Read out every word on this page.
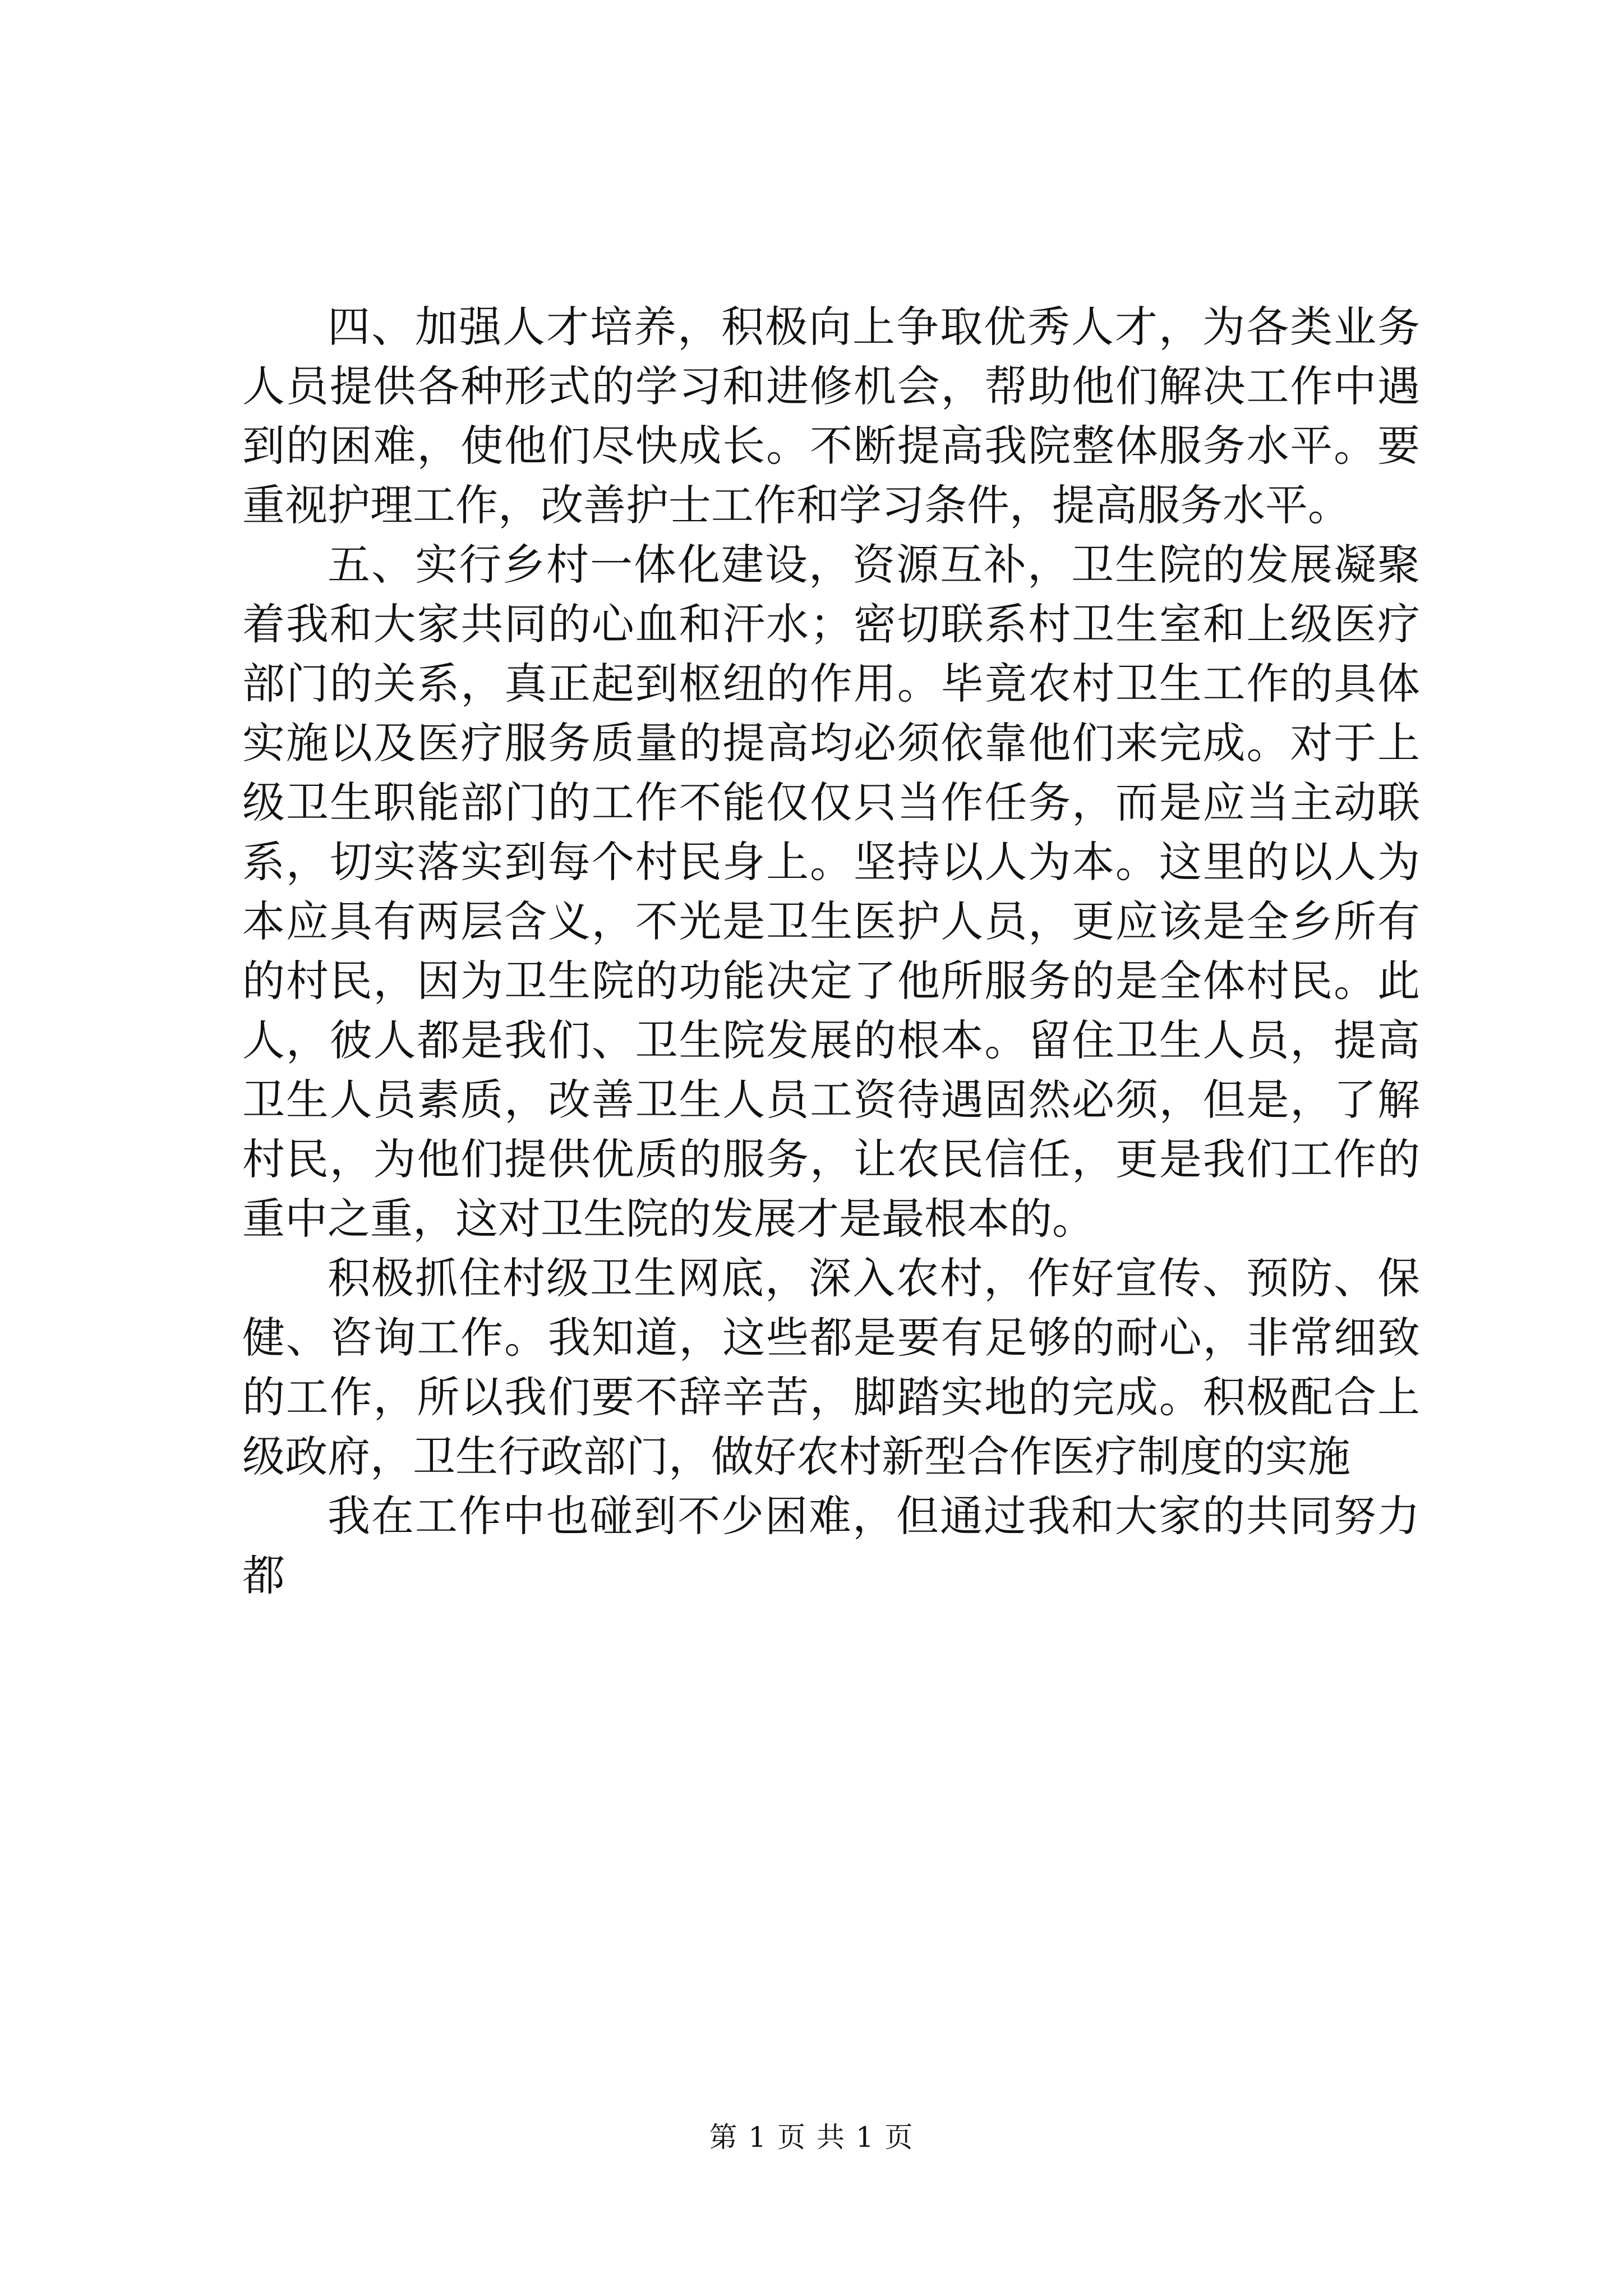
四、加强人才培养，积极向上争取优秀人才，为各类业务人员提供各种形式的学习和进修机会，帮助他们解决工作中遇到的困难，使他们尽快成长。不断提高我院整体服务水平。要重视护理工作，改善护士工作和学习条件，提高服务水平。

五、实行乡村一体化建设，资源互补，卫生院的发展凝聚着我和大家共同的心血和汗水；密切联系村卫生室和上级医疗部门的关系，真正起到枢纽的作用。毕竟农村卫生工作的具体实施以及医疗服务质量的提高均必须依靠他们来完成。对于上级卫生职能部门的工作不能仅仅只当作任务，而是应当主动联系，切实落实到每个村民身上。坚持以人为本。这里的以人为本应具有两层含义，不光是卫生医护人员，更应该是全乡所有的村民，因为卫生院的功能决定了他所服务的是全体村民。此人，彼人都是我们、卫生院发展的根本。留住卫生人员，提高卫生人员素质，改善卫生人员工资待遇固然必须，但是，了解村民，为他们提供优质的服务，让农民信任，更是我们工作的重中之重，这对卫生院的发展才是最根本的。

积极抓住村级卫生网底，深入农村，作好宣传、预防、保健、咨询工作。我知道，这些都是要有足够的耐心，非常细致的工作，所以我们要不辞辛苦，脚踏实地的完成。积极配合上级政府，卫生行政部门，做好农村新型合作医疗制度的实施

我在工作中也碰到不少困难，但通过我和大家的共同努力都

第 1 页 共 1 页
